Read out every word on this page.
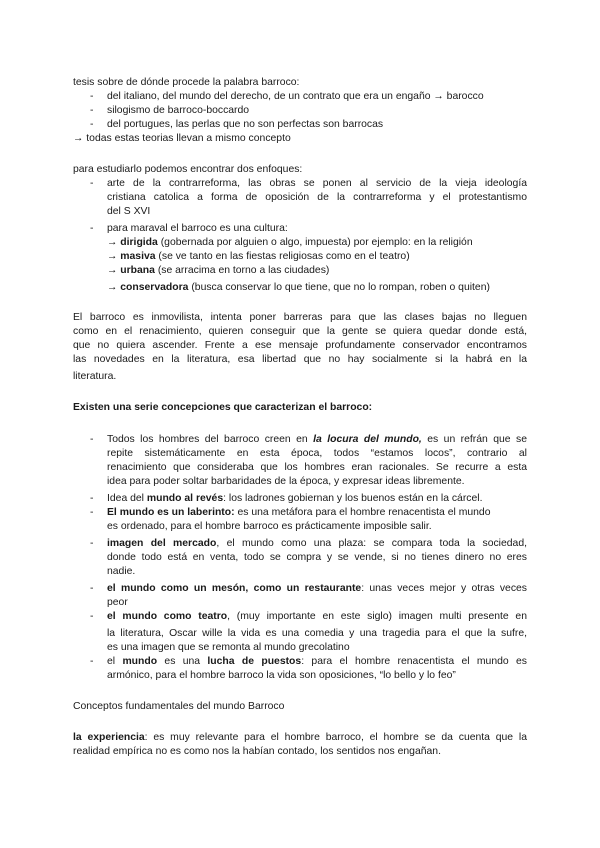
tesis sobre de dónde procede la palabra barroco:
- del italiano, del mundo del derecho, de un contrato que era un engaño → barocco
- silogismo de barroco-boccardo
- del portugues, las perlas que no son perfectas son barrocas
→ todas estas teorias llevan a mismo concepto
para estudiarlo podemos encontrar dos enfoques:
- arte de la contrarreforma, las obras se ponen al servicio de la vieja ideología
cristiana catolica a forma de oposición de la contrarreforma y el protestantismo
del S XVI
- para maraval el barroco es una cultura:
→ dirigida (gobernada por alguien o algo, impuesta) por ejemplo: en la religión
→ masiva (se ve tanto en las fiestas religiosas como en el teatro)
→ urbana (se arracima en torno a las ciudades)
→ conservadora (busca conservar lo que tiene, que no lo rompan, roben o quiten)
El barroco es inmovilista, intenta poner barreras para que las clases bajas no lleguen
como en el renacimiento, quieren conseguir que la gente se quiera quedar donde está,
que no quiera ascender. Frente a ese mensaje profundamente conservador encontramos
las novedades en la literatura, esa libertad que no hay socialmente si la habrá en la
literatura.
Existen una serie concepciones que caracterizan el barroco:
- Todos los hombres del barroco creen en la locura del mundo, es un refrán que se
repite sistemáticamente en esta época, todos “estamos locos”, contrario al
renacimiento que consideraba que los hombres eran racionales. Se recurre a esta
idea para poder soltar barbaridades de la época, y expresar ideas libremente.
- Idea del mundo al revés: los ladrones gobiernan y los buenos están en la cárcel.
- El mundo es un laberinto: es una metáfora para el hombre renacentista el mundo
es ordenado, para el hombre barroco es prácticamente imposible salir.
- imagen del mercado, el mundo como una plaza: se compara toda la sociedad,
donde todo está en venta, todo se compra y se vende, si no tienes dinero no eres
nadie.
- el mundo como un mesón, como un restaurante: unas veces mejor y otras veces
peor
- el mundo como teatro, (muy importante en este siglo) imagen multi presente en
la literatura, Oscar wille la vida es una comedia y una tragedia para el que la sufre,
es una imagen que se remonta al mundo grecolatino
- el mundo es una lucha de puestos: para el hombre renacentista el mundo es
armónico, para el hombre barroco la vida son oposiciones, “lo bello y lo feo”
Conceptos fundamentales del mundo Barroco
la experiencia: es muy relevante para el hombre barroco, el hombre se da cuenta que la
realidad empírica no es como nos la habían contado, los sentidos nos engañan.
